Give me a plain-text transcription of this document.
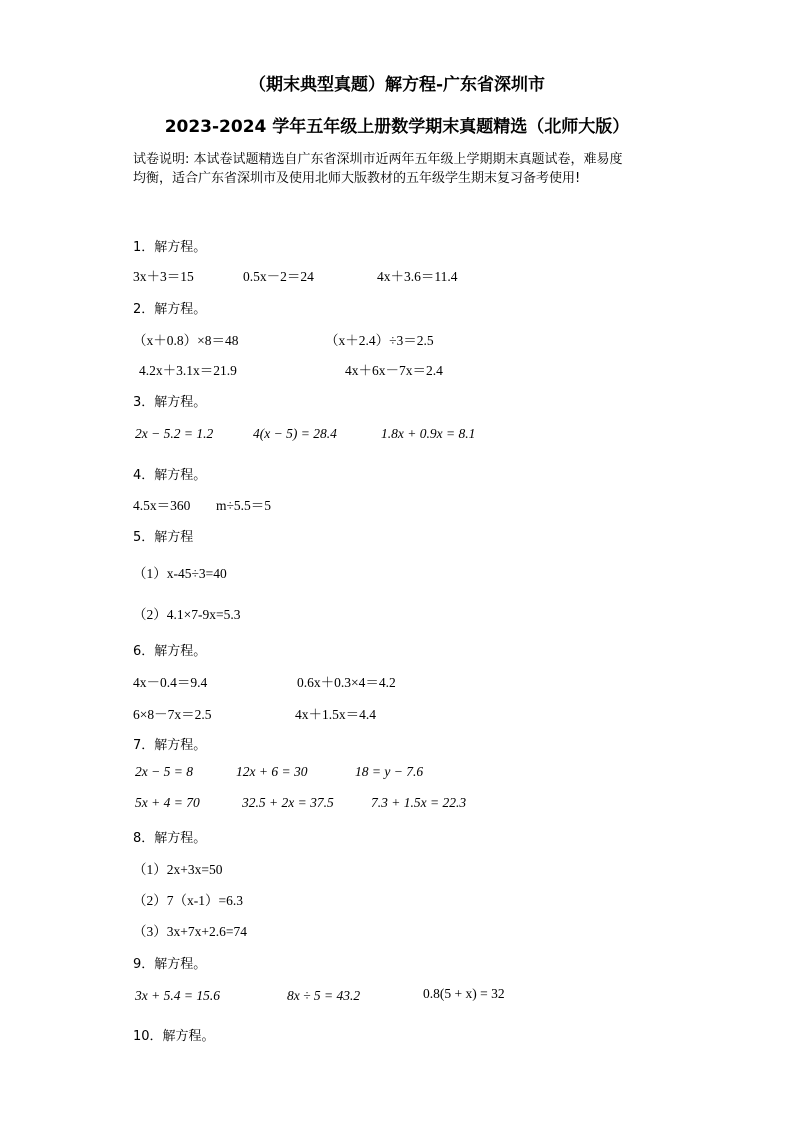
（期末典型真题）解方程-广东省深圳市
2023-2024 学年五年级上册数学期末真题精选（北师大版）
试卷说明: 本试卷试题精选自广东省深圳市近两年五年级上学期期末真题试卷，难易度
均衡，适合广东省深圳市及使用北师大版教材的五年级学生期末复习备考使用!
1．解方程。
3x＋3＝15	0.5x－2＝24	4x＋3.6＝11.4
2．解方程。
（x＋0.8）×8＝48	（x＋2.4）÷3＝2.5
4.2x＋3.1x＝21.9	4x＋6x－7x＝2.4
3．解方程。
2x − 5.2 = 1.2	4(x − 5) = 28.4	1.8x + 0.9x = 8.1
4．解方程。
4.5x＝360 m÷5.5＝5
5．解方程
（1）x-45÷3=40
（2）4.1×7-9x=5.3
6．解方程。
4x－0.4＝9.4	0.6x＋0.3×4＝4.2
6×8－7x＝2.5	4x＋1.5x＝4.4
7．解方程。
2x − 5 = 8	12x + 6 = 30	18 = y − 7.6
5x + 4 = 70	32.5 + 2x = 37.5	7.3 + 1.5x = 22.3
8．解方程。
（1）2x+3x=50
（2）7（x-1）=6.3
（3）3x+7x+2.6=74
9．解方程。
3x + 5.4 = 15.6	8x ÷ 5 = 43.2	0.8(5 + x) = 32
10．解方程。
